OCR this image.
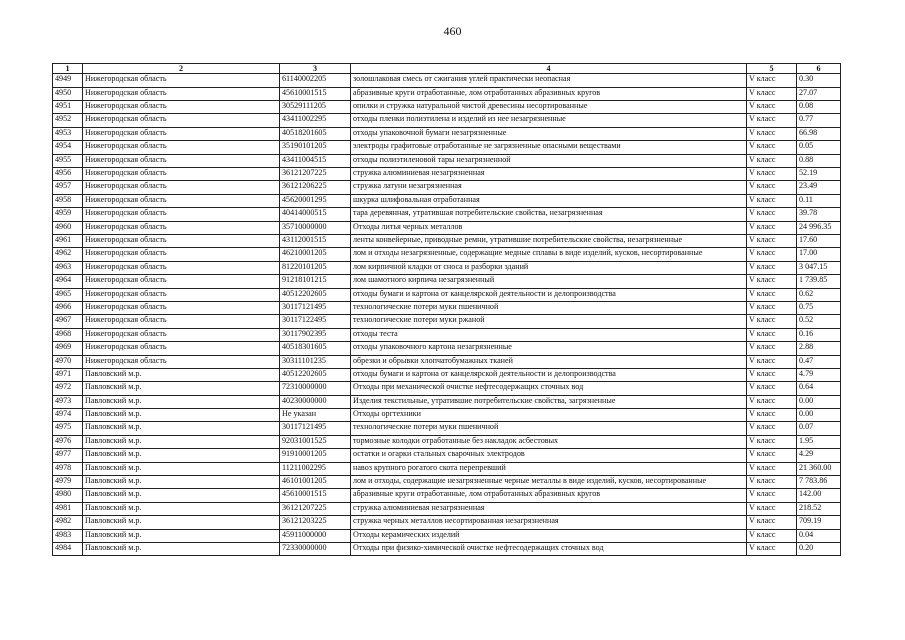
460
1	2	3	4	5	6
4949	Нижегородская область	61140002205	золошлаковая смесь от сжигания углей практически неопасная	V класс	0.30
4950	Нижегородская область	45610001515	абразивные круги отработанные, лом отработанных абразивных кругов	V класс	27.07
4951	Нижегородская область	30529111205	опилки и стружка натуральной чистой древесины несортированные	V класс	0.08
4952	Нижегородская область	43411002295	отходы пленки полиэтилена и изделий из нее незагрязненные	V класс	0.77
4953	Нижегородская область	40518201605	отходы упаковочной бумаги незагрязненные	V класс	66.98
4954	Нижегородская область	35190101205	электроды графитовые отработанные не загрязненные опасными веществами	V класс	0.05
4955	Нижегородская область	43411004515	отходы полиэтиленовой тары незагрязненной	V класс	0.88
4956	Нижегородская область	36121207225	стружка алюминиевая незагрязненная	V класс	52.19
4957	Нижегородская область	36121206225	стружка латуни незагрязненная	V класс	23.49
4958	Нижегородская область	45620001295	шкурка шлифовальная отработанная	V класс	0.11
4959	Нижегородская область	40414000515	тара деревянная, утратившая потребительские свойства, незагрязненная	V класс	39.78
4960	Нижегородская область	35710000000	Отходы литья черных металлов	V класс	24 996.35
4961	Нижегородская область	43112001515	ленты конвейерные, приводные ремни, утратившие потребительские свойства, незагрязненные	V класс	17.60
4962	Нижегородская область	46210001205	лом и отходы незагрязненные, содержащие медные сплавы в виде изделий, кусков, несортированные	V класс	17.00
4963	Нижегородская область	81220101205	лом кирпичной кладки от сноса и разборки зданий	V класс	3 047.15
4964	Нижегородская область	91218101215	лом шамотного кирпича незагрязненный	V класс	1 739.85
4965	Нижегородская область	40512202605	отходы бумаги и картона от канцелярской деятельности и делопроизводства	V класс	0.62
4966	Нижегородская область	30117121495	технологические потери муки пшеничной	V класс	0.75
4967	Нижегородская область	30117122495	технологические потери муки ржаной	V класс	0.52
4968	Нижегородская область	30117902395	отходы теста	V класс	0.16
4969	Нижегородская область	40518301605	отходы упаковочного картона незагрязненные	V класс	2.88
4970	Нижегородская область	30311101235	обрезки и обрывки хлопчатобумажных тканей	V класс	0.47
4971	Павловский м.р.	40512202605	отходы бумаги и картона от канцелярской деятельности и делопроизводства	V класс	4.79
4972	Павловский м.р.	72310000000	Отходы при механической очистке нефтесодержащих сточных вод	V класс	0.64
4973	Павловский м.р.	40230000000	Изделия текстильные, утратившие потребительские свойства, загрязненные	V класс	0.00
4974	Павловский м.р.	Не указан	Отходы оргтехники	V класс	0.00
4975	Павловский м.р.	30117121495	технологические потери муки пшеничной	V класс	0.07
4976	Павловский м.р.	92031001525	тормозные колодки отработанные без накладок асбестовых	V класс	1.95
4977	Павловский м.р.	91910001205	остатки и огарки стальных сварочных электродов	V класс	4.29
4978	Павловский м.р.	11211002295	навоз крупного рогатого скота перепревший	V класс	21 360.00
4979	Павловский м.р.	46101001205	лом и отходы, содержащие незагрязненные черные металлы в виде изделий, кусков, несортированные	V класс	7 783.86
4980	Павловский м.р.	45610001515	абразивные круги отработанные, лом отработанных абразивных кругов	V класс	142.00
4981	Павловский м.р.	36121207225	стружка алюминиевая незагрязненная	V класс	218.52
4982	Павловский м.р.	36121203225	стружка черных металлов несортированная незагрязненная	V класс	709.19
4983	Павловский м.р.	45911000000	Отходы керамических изделий	V класс	0.04
4984	Павловский м.р.	72330000000	Отходы при физико-химической очистке нефтесодержащих сточных вод	V класс	0.20
